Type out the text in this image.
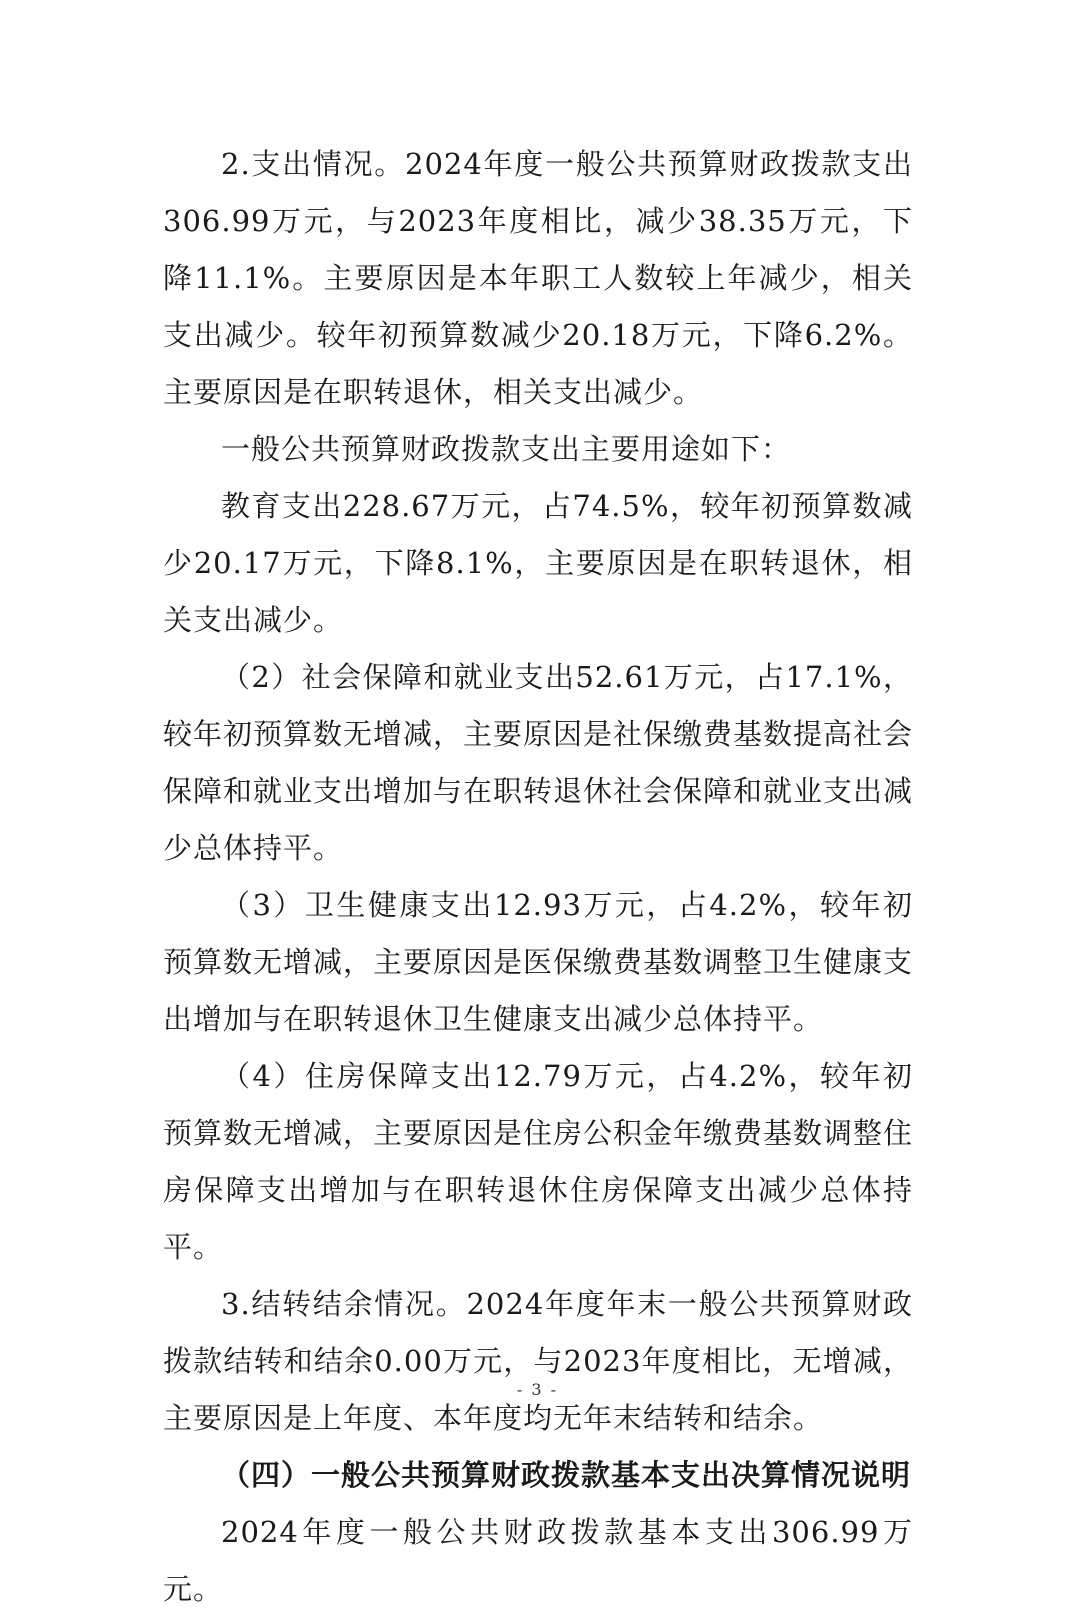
2.支出情况。2024年度一般公共预算财政拨款支出306.99万元，与2023年度相比，减少38.35万元，下降11.1%。主要原因是本年职工人数较上年减少，相关支出减少。较年初预算数减少20.18万元，下降6.2%。主要原因是在职转退休，相关支出减少。

一般公共预算财政拨款支出主要用途如下：

教育支出228.67万元，占74.5%，较年初预算数减少20.17万元，下降8.1%，主要原因是在职转退休，相关支出减少。

（2）社会保障和就业支出52.61万元，占17.1%，较年初预算数无增减，主要原因是社保缴费基数提高社会保障和就业支出增加与在职转退休社会保障和就业支出减少总体持平。

（3）卫生健康支出12.93万元，占4.2%，较年初预算数无增减，主要原因是医保缴费基数调整卫生健康支出增加与在职转退休卫生健康支出减少总体持平。

（4）住房保障支出12.79万元，占4.2%，较年初预算数无增减，主要原因是住房公积金年缴费基数调整住房保障支出增加与在职转退休住房保障支出减少总体持平。

3.结转结余情况。2024年度年末一般公共预算财政拨款结转和结余0.00万元，与2023年度相比，无增减，主要原因是上年度、本年度均无年末结转和结余。

（四）一般公共预算财政拨款基本支出决算情况说明

2024年度一般公共财政拨款基本支出306.99万元。

- 3 -
